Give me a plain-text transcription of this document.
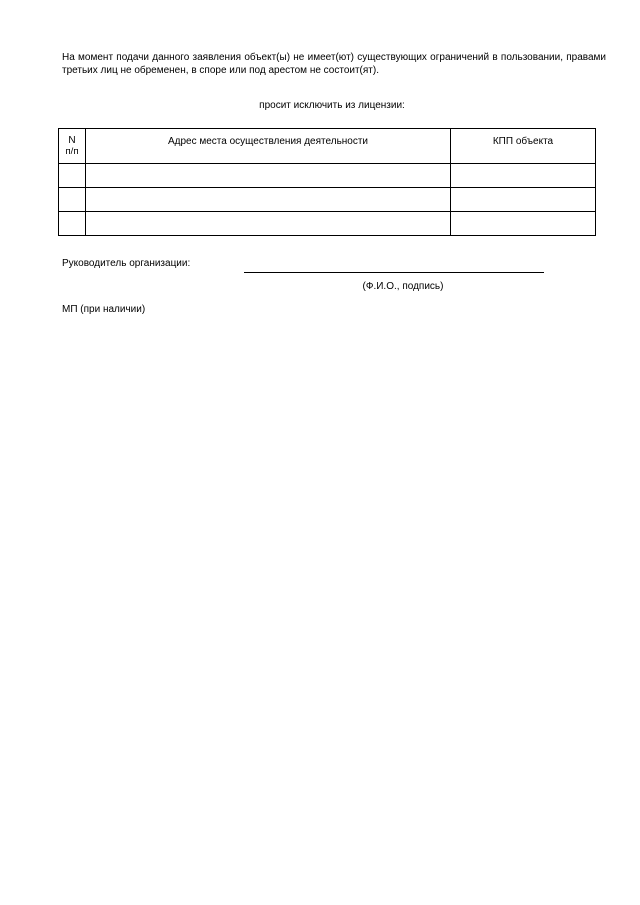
На момент подачи данного заявления объект(ы) не имеет(ют) существующих ограничений в пользовании, правами третьих лиц не обременен, в споре или под арестом не состоит(ят).
просит исключить из лицензии:
N
п/п	Адрес места осуществления деятельности	КПП объекта

Руководитель организации:
(Ф.И.О., подпись)
МП (при наличии)
